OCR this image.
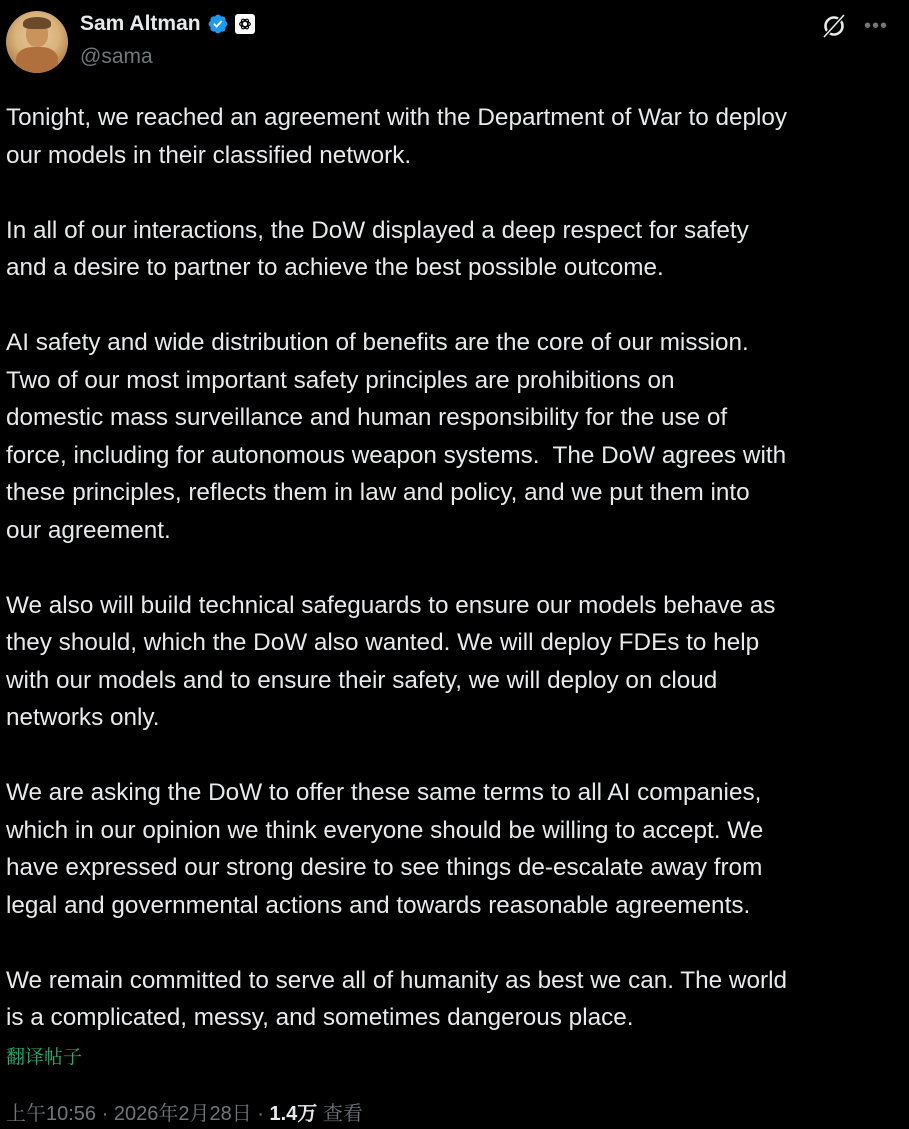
Sam Altman
@sama
•••
Tonight, we reached an agreement with the Department of War to deploy
our models in their classified network.
In all of our interactions, the DoW displayed a deep respect for safety
and a desire to partner to achieve the best possible outcome.
AI safety and wide distribution of benefits are the core of our mission.
Two of our most important safety principles are prohibitions on
domestic mass surveillance and human responsibility for the use of
force, including for autonomous weapon systems.  The DoW agrees with
these principles, reflects them in law and policy, and we put them into
our agreement.
We also will build technical safeguards to ensure our models behave as
they should, which the DoW also wanted. We will deploy FDEs to help
with our models and to ensure their safety, we will deploy on cloud
networks only.
We are asking the DoW to offer these same terms to all AI companies,
which in our opinion we think everyone should be willing to accept. We
have expressed our strong desire to see things de-escalate away from
legal and governmental actions and towards reasonable agreements.
We remain committed to serve all of humanity as best we can. The world
is a complicated, messy, and sometimes dangerous place.
翻译帖子
上午10:56 · 2026年2月28日 · 1.4万 查看
